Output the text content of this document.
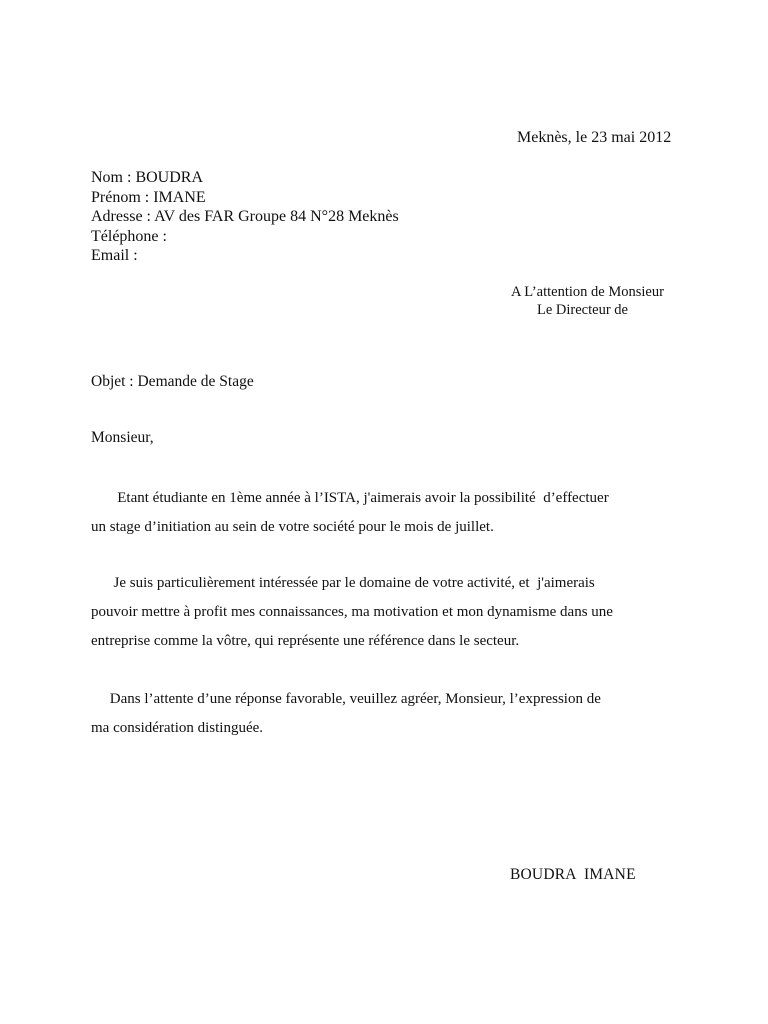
Meknès, le 23 mai 2012
Nom : BOUDRA
Prénom : IMANE
Adresse : AV des FAR Groupe 84 N°28 Meknès
Téléphone :
Email :
A L’attention de Monsieur
Le Directeur de
Objet : Demande de Stage
Monsieur,
Etant étudiante en 1ème année à l’ISTA, j'aimerais avoir la possibilité  d’effectuer
un stage d’initiation au sein de votre société pour le mois de juillet.
Je suis particulièrement intéressée par le domaine de votre activité, et  j'aimerais
pouvoir mettre à profit mes connaissances, ma motivation et mon dynamisme dans une
entreprise comme la vôtre, qui représente une référence dans le secteur.
Dans l’attente d’une réponse favorable, veuillez agréer, Monsieur, l’expression de
ma considération distinguée.
BOUDRA  IMANE
